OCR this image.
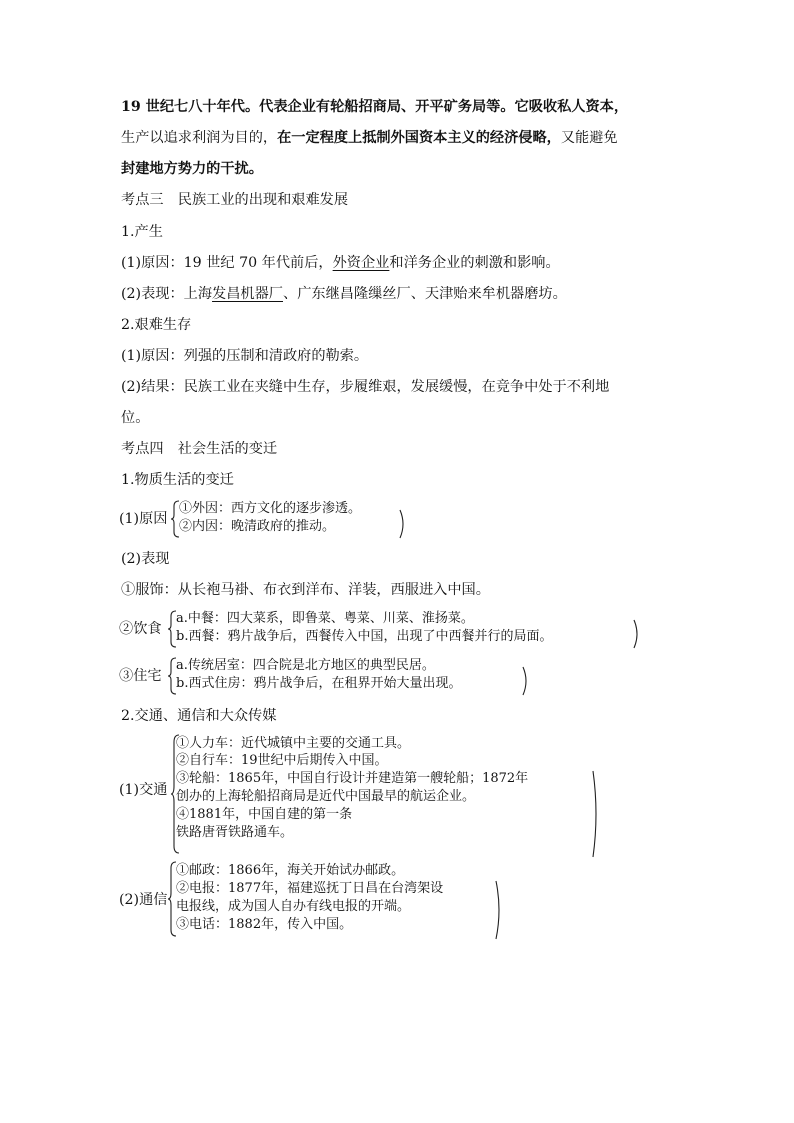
19 世纪七八十年代。代表企业有轮船招商局、开平矿务局等。它吸收私人资本，
生产以追求利润为目的，在一定程度上抵制外国资本主义的经济侵略，又能避免
封建地方势力的干扰。
考点三　民族工业的出现和艰难发展
1.产生
(1)原因：19 世纪 70 年代前后，外资企业和洋务企业的刺激和影响。
(2)表现：上海发昌机器厂、广东继昌隆缫丝厂、天津贻来牟机器磨坊。
2.艰难生存
(1)原因：列强的压制和清政府的勒索。
(2)结果：民族工业在夹缝中生存，步履维艰，发展缓慢，在竞争中处于不利地
位。
考点四　社会生活的变迁
1.物质生活的变迁
(1)原因
①外因：西方文化的逐步渗透。
②内因：晚清政府的推动。
(2)表现
①服饰：从长袍马褂、布衣到洋布、洋装，西服进入中国。
②饮食
a.中餐：四大菜系，即鲁菜、粤菜、川菜、淮扬菜。
b.西餐：鸦片战争后，西餐传入中国，出现了中西餐并行的局面。
③住宅
a.传统居室：四合院是北方地区的典型民居。
b.西式住房：鸦片战争后，在租界开始大量出现。
2.交通、通信和大众传媒
(1)交通
①人力车：近代城镇中主要的交通工具。
②自行车：19世纪中后期传入中国。
③轮船：1865年，中国自行设计并建造第一艘轮船；1872年
创办的上海轮船招商局是近代中国最早的航运企业。
④1881年，中国自建的第一条
铁路唐胥铁路通车。
(2)通信
①邮政：1866年，海关开始试办邮政。
②电报：1877年，福建巡抚丁日昌在台湾架设
电报线，成为国人自办有线电报的开端。
③电话：1882年，传入中国。
